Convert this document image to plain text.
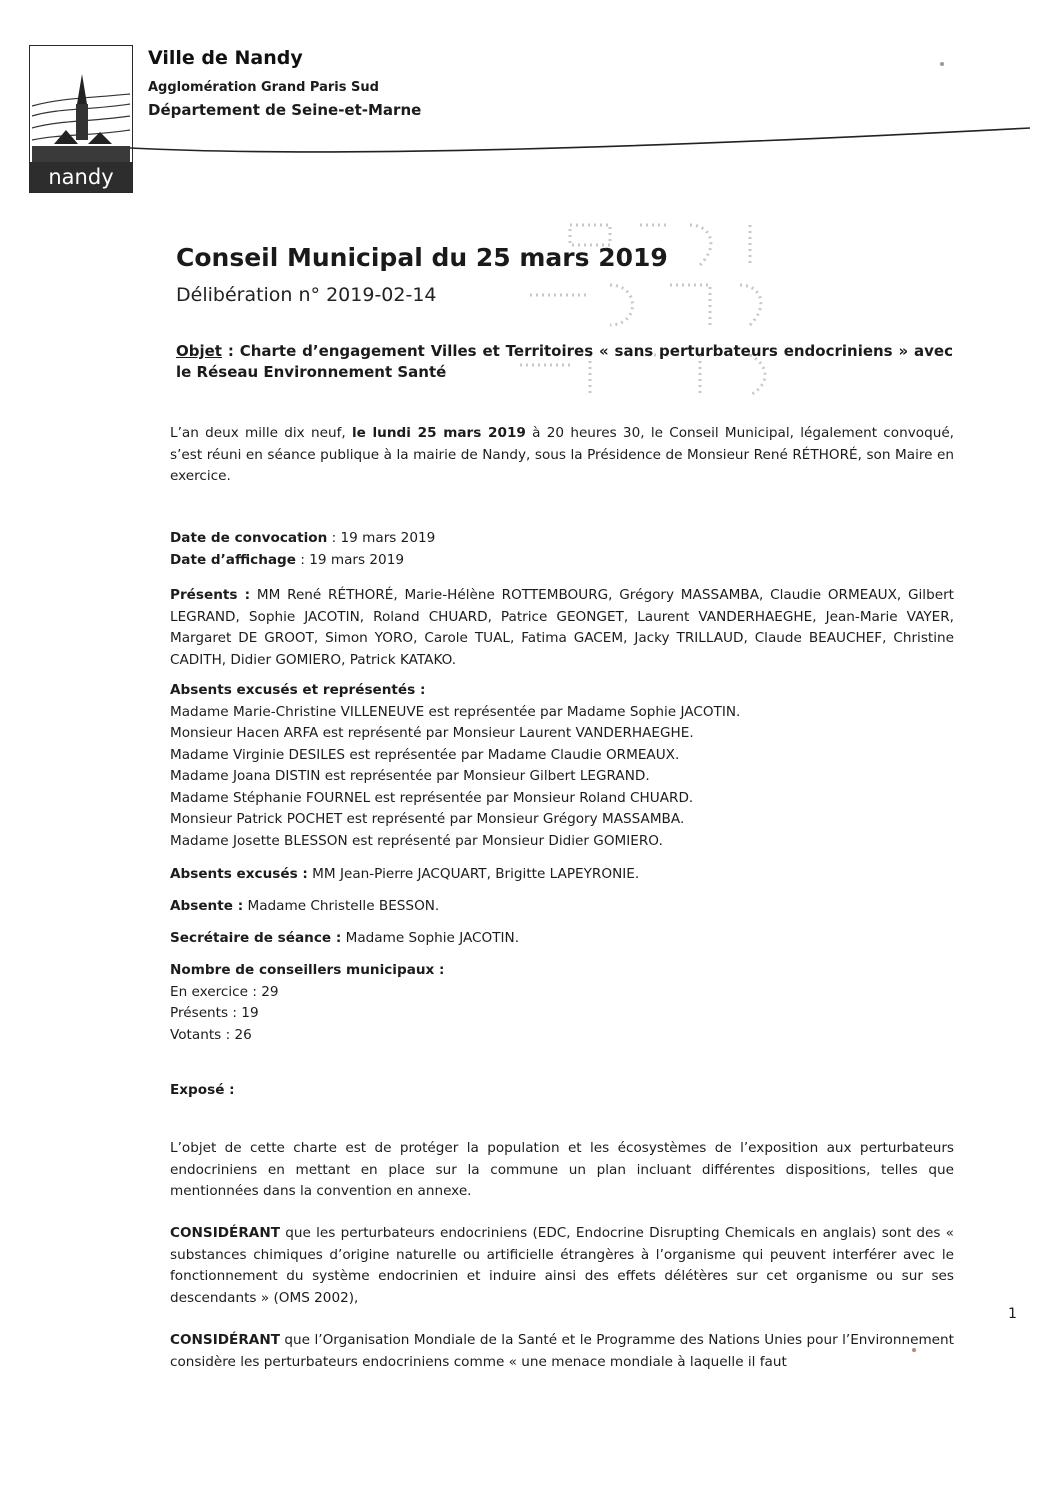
nandy
Ville de Nandy
Agglomération Grand Paris Sud
Département de Seine-et-Marne
Conseil Municipal du 25 mars 2019
Délibération n° 2019-02-14
Objet : Charte d’engagement Villes et Territoires « sans perturbateurs endocriniens » avec le Réseau Environnement Santé
L’an deux mille dix neuf, le lundi 25 mars 2019 à 20 heures 30, le Conseil Municipal, légalement convoqué, s’est réuni en séance publique à la mairie de Nandy, sous la Présidence de Monsieur René RÉTHORÉ, son Maire en exercice.
Date de convocation : 19 mars 2019
Date d’affichage : 19 mars 2019
Présents : MM René RÉTHORÉ, Marie-Hélène ROTTEMBOURG, Grégory MASSAMBA, Claudie ORMEAUX, Gilbert LEGRAND, Sophie JACOTIN, Roland CHUARD, Patrice GEONGET, Laurent VANDERHAEGHE, Jean-Marie VAYER, Margaret DE GROOT, Simon YORO, Carole TUAL, Fatima GACEM, Jacky TRILLAUD, Claude BEAUCHEF, Christine CADITH, Didier GOMIERO, Patrick KATAKO.
Absents excusés et représentés :
Madame Marie-Christine VILLENEUVE est représentée par Madame Sophie JACOTIN.
Monsieur Hacen ARFA est représenté par Monsieur Laurent VANDERHAEGHE.
Madame Virginie DESILES est représentée par Madame Claudie ORMEAUX.
Madame Joana DISTIN est représentée par Monsieur Gilbert LEGRAND.
Madame Stéphanie FOURNEL est représentée par Monsieur Roland CHUARD.
Monsieur Patrick POCHET est représenté par Monsieur Grégory MASSAMBA.
Madame Josette BLESSON est représenté par Monsieur Didier GOMIERO.
Absents excusés : MM Jean-Pierre JACQUART, Brigitte LAPEYRONIE.
Absente : Madame Christelle BESSON.
Secrétaire de séance : Madame Sophie JACOTIN.
Nombre de conseillers municipaux :
En exercice : 29
Présents : 19
Votants : 26
Exposé :
L’objet de cette charte est de protéger la population et les écosystèmes de l’exposition aux perturbateurs endocriniens en mettant en place sur la commune un plan incluant différentes dispositions, telles que mentionnées dans la convention en annexe.
CONSIDÉRANT que les perturbateurs endocriniens (EDC, Endocrine Disrupting Chemicals en anglais) sont des « substances chimiques d’origine naturelle ou artificielle étrangères à l’organisme qui peuvent interférer avec le fonctionnement du système endocrinien et induire ainsi des effets délétères sur cet organisme ou sur ses descendants » (OMS 2002),
CONSIDÉRANT que l’Organisation Mondiale de la Santé et le Programme des Nations Unies pour l’Environnement considère les perturbateurs endocriniens comme « une menace mondiale à laquelle il faut
1
